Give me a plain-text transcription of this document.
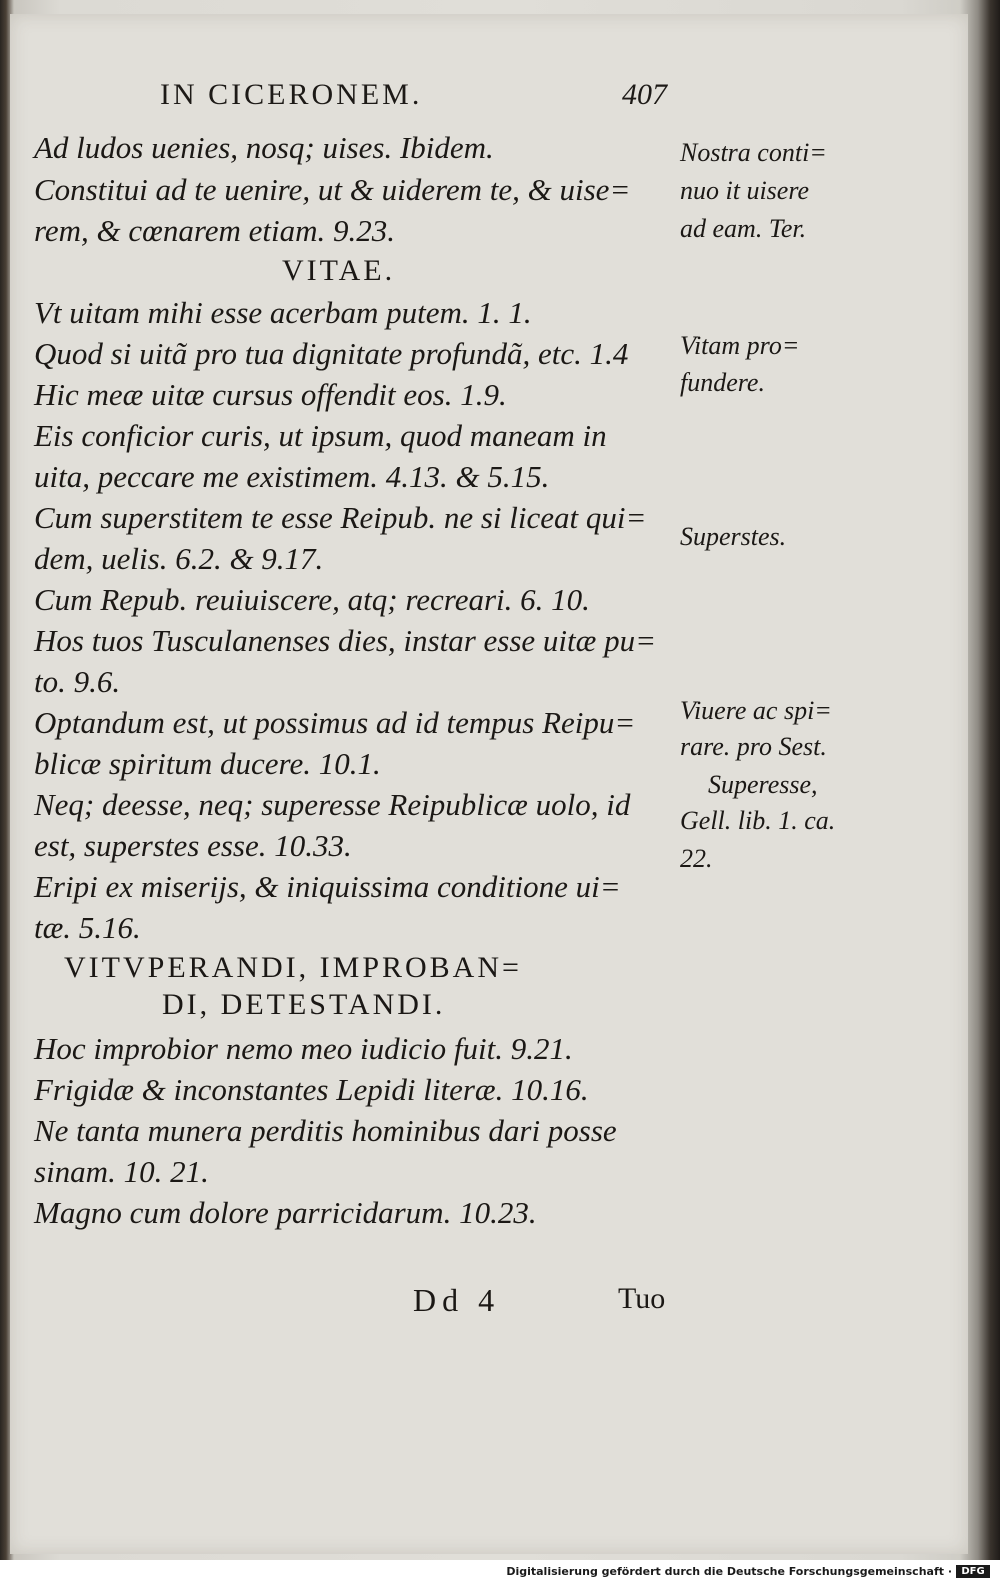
IN CICERONEM.	407
Ad ludos uenies, nosq; uises. Ibidem.
Constitui ad te uenire, ut & uiderem te, & uise=
rem, & cœnarem etiam. 9.23.
VITAE.
Vt uitam mihi esse acerbam putem. 1. 1.
Quod si uitã pro tua dignitate profundã, etc. 1.4
Hic meæ uitæ cursus offendit eos. 1.9.
Eis conficior curis, ut ipsum, quod maneam in
uita, peccare me existimem. 4.13. & 5.15.
Cum superstitem te esse Reipub. ne si liceat qui=
dem, uelis. 6.2. & 9.17.
Cum Repub. reuiuiscere, atq; recreari. 6. 10.
Hos tuos Tusculanenses dies, instar esse uitæ pu=
to. 9.6.
Optandum est, ut possimus ad id tempus Reipu=
blicæ spiritum ducere. 10.1.
Neq; deesse, neq; superesse Reipublicæ uolo, id
est, superstes esse. 10.33.
Eripi ex miserijs, & iniquissima conditione ui=
tæ. 5.16.
VITVPERANDI, IMPROBAN=
DI, DETESTANDI.
Hoc improbior nemo meo iudicio fuit. 9.21.
Frigidæ & inconstantes Lepidi literæ. 10.16.
Ne tanta munera perditis hominibus dari posse
sinam. 10. 21.
Magno cum dolore parricidarum. 10.23.
Nostra conti=
nuo it uisere
ad eam. Ter.
Vitam pro=
fundere.
Superstes.
Viuere ac spi=
rare. pro Sest.
Superesse,
Gell. lib. 1. ca.
22.
Dd 4	Tuo
Digitalisierung gefördert durch die Deutsche Forschungsgemeinschaft · DFG
